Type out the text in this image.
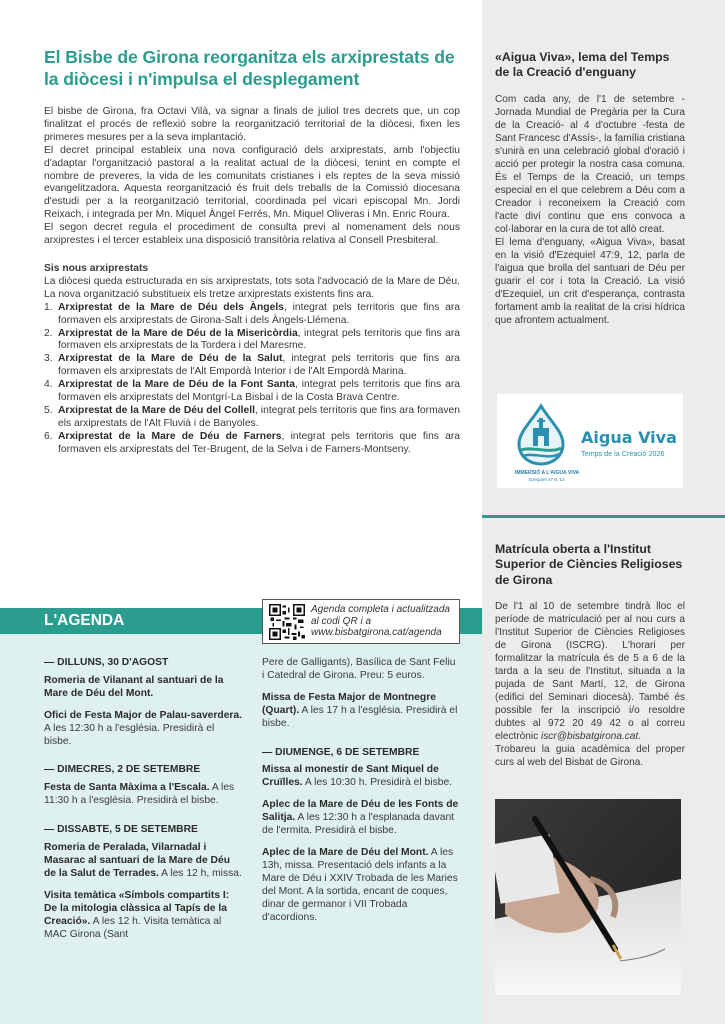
El Bisbe de Girona reorganitza els arxiprestats de la diòcesi i n'impulsa el desplegament

El bisbe de Girona, fra Octavi Vilà, va signar a finals de juliol tres decrets que, un cop finalitzat el procés de reflexió sobre la reorganització territorial de la diòcesi, fixen les primeres mesures per a la seva implantació.

El decret principal estableix una nova configuració dels arxiprestats, amb l'objectiu d'adaptar l'organització pastoral a la realitat actual de la diòcesi, tenint en compte el nombre de preveres, la vida de les comunitats cristianes i els reptes de la seva missió evangelitzadora. Aquesta reorganització és fruit dels treballs de la Comissió diocesana d'estudi per a la reorganització territorial, coordinada pel vicari episcopal Mn. Jordi Reixach, i integrada per Mn. Miquel Àngel Ferrés, Mn. Miquel Oliveras i Mn. Enric Roura.

El segon decret regula el procediment de consulta previ al nomenament dels nous arxiprestes i el tercer estableix una disposició transitòria relativa al Consell Presbiteral.

Sis nous arxiprestats

La diòcesi queda estructurada en sis arxiprestats, tots sota l'advocació de la Mare de Déu. La nova organització substitueix els tretze arxiprestats existents fins ara.

1. Arxiprestat de la Mare de Déu dels Àngels, integrat pels territoris que fins ara formaven els arxiprestats de Girona-Salt i dels Àngels-Llémena.
2. Arxiprestat de la Mare de Déu de la Misericòrdia, integrat pels territoris que fins ara formaven els arxiprestats de la Tordera i del Maresme.
3. Arxiprestat de la Mare de Déu de la Salut, integrat pels territoris que fins ara formaven els arxiprestats de l'Alt Empordà Interior i de l'Alt Empordà Marina.
4. Arxiprestat de la Mare de Déu de la Font Santa, integrat pels territoris que fins ara formaven els arxiprestats del Montgrí-La Bisbal i de la Costa Brava Centre.
5. Arxiprestat de la Mare de Déu del Collell, integrat pels territoris que fins ara formaven els arxiprestats de l'Alt Fluvià i de Banyoles.
6. Arxiprestat de la Mare de Déu de Farners, integrat pels territoris que fins ara formaven els arxiprestats del Ter-Brugent, de la Selva i de Farners-Montseny.
L'AGENDA
Agenda completa i actualitzada al codi QR i a www.bisbatgirona.cat/agenda
— DILLUNS, 30 D'AGOST
Romeria de Vilanant al santuari de la Mare de Déu del Mont.
Ofici de Festa Major de Palau-saverdera. A les 12:30 h a l'església. Presidirà el bisbe.
— DIMECRES, 2 DE SETEMBRE
Festa de Santa Màxima a l'Escala. A les 11:30 h a l'església. Presidirà el bisbe.
— DISSABTE, 5 DE SETEMBRE
Romeria de Peralada, Vilarnadal i Masarac al santuari de la Mare de Déu de la Salut de Terrades. A les 12 h, missa.
Visita temàtica «Símbols compartits I: De la mitologia clàssica al Tapís de la Creació». A les 12 h. Visita temàtica al MAC Girona (Sant
Pere de Galligants), Basílica de Sant Feliu i Catedral de Girona. Preu: 5 euros.
Missa de Festa Major de Montnegre (Quart). A les 17 h a l'església. Presidirà el bisbe.
— DIUMENGE, 6 DE SETEMBRE
Missa al monestir de Sant Miquel de Cruïlles. A les 10:30 h. Presidirà el bisbe.
Aplec de la Mare de Déu de les Fonts de Salitja. A les 12:30 h a l'esplanada davant de l'ermita. Presidirà el bisbe.
Aplec de la Mare de Déu del Mont. A les 13h, missa. Presentació dels infants a la Mare de Déu i XXIV Trobada de les Maries del Mont. A la sortida, encant de coques, dinar de germanor i VII Trobada d'acordions.
«Aigua Viva», lema del Temps de la Creació d'enguany

Com cada any, de l'1 de setembre -Jornada Mundial de Pregària per la Cura de la Creació- al 4 d'octubre -festa de Sant Francesc d'Assís-, la família cristiana s'unirà en una celebració global d'oració i acció per protegir la nostra casa comuna. És el Temps de la Creació, un temps especial en el que celebrem a Déu com a Creador i reconeixem la Creació com l'acte diví continu que ens convoca a col·laborar en la cura de tot allò creat.

El lema d'enguany, «Aigua Viva», basat en la visió d'Ezequiel 47:9, 12, parla de l'aigua que brolla del santuari de Déu per guarir el cor i tota la Creació. La visió d'Ezequiel, un crit d'esperança, contrasta fortament amb la realitat de la crisi hídrica que afrontem actualment.

Aigua Viva
Temps de la Creació 2026
IMMERSIÓ A L'AIGUA VIVA
Ezequiel 47:9, 12
Matrícula oberta a l'Institut Superior de Ciències Religioses de Girona

De l'1 al 10 de setembre tindrà lloc el període de matriculació per al nou curs a l'Institut Superior de Ciències Religioses de Girona (ISCRG). L'horari per formalitzar la matrícula és de 5 a 6 de la tarda a la seu de l'Institut, situada a la pujada de Sant Martí, 12, de Girona (edifici del Seminari diocesà). També és possible fer la inscripció i/o resoldre dubtes al 972 20 49 42 o al correu electrònic iscr@bisbatgirona.cat.

Trobareu la guia acadèmica del proper curs al web del Bisbat de Girona.
